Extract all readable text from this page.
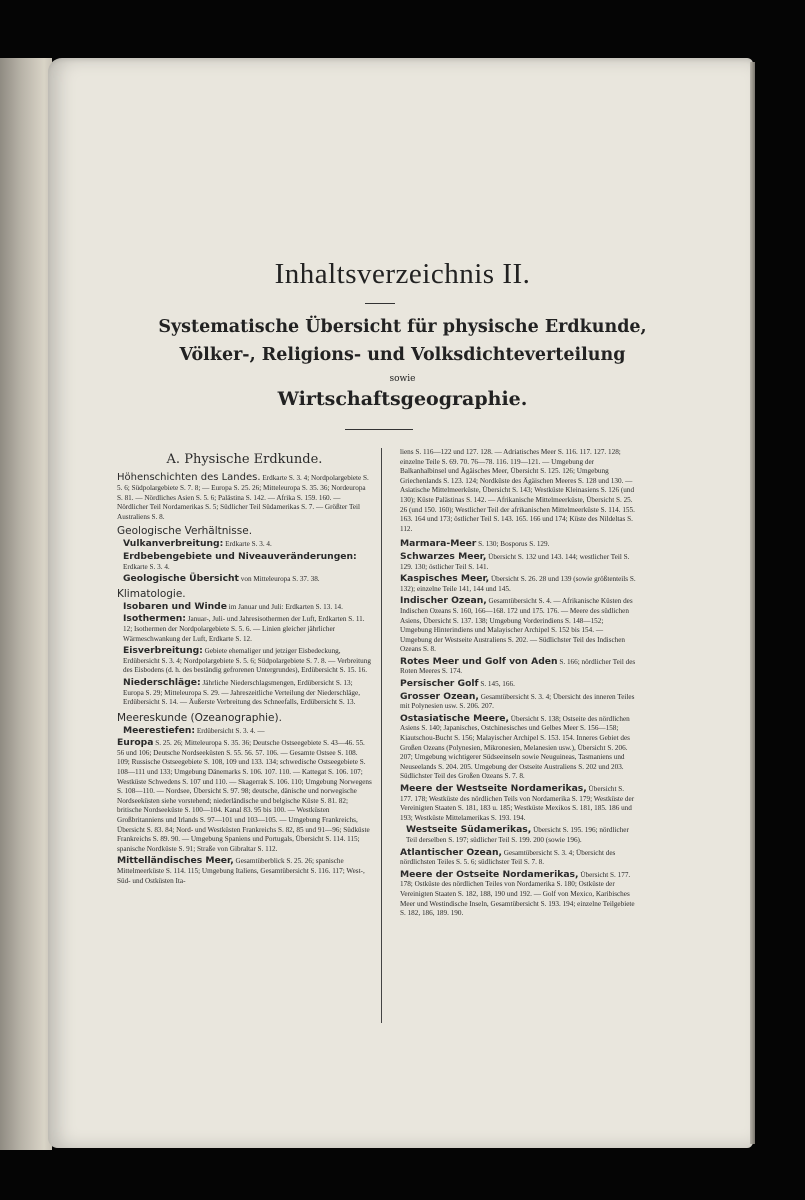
Inhaltsverzeichnis II.
Systematische Übersicht für physische Erdkunde,
Völker-, Religions- und Volksdichteverteilung
sowie
Wirtschaftsgeographie.
A. Physische Erdkunde.
Höhenschichten des Landes. Erdkarte S. 3. 4; Nordpolargebiete S. 5. 6; Südpolargebiete S. 7. 8; — Europa S. 25. 26; Mitteleuropa S. 35. 36; Nordeuropa S. 81. — Nördliches Asien S. 5. 6; Palästina S. 142. — Afrika S. 159. 160. — Nördlicher Teil Nordamerikas S. 5; Südlicher Teil Südamerikas S. 7. — Größter Teil Australiens S. 8.
Geologische Verhältnisse.
Vulkanverbreitung: Erdkarte S. 3. 4.
Erdbebengebiete und Niveauveränderungen: Erdkarte S. 3. 4.
Geologische Übersicht von Mitteleuropa S. 37. 38.
Klimatologie.
Isobaren und Winde im Januar und Juli: Erdkarten S. 13. 14.
Isothermen: Januar-, Juli- und Jahresisothermen der Luft, Erdkarten S. 11. 12; Isothermen der Nordpolargebiete S. 5. 6. — Linien gleicher jährlicher Wärmeschwankung der Luft, Erdkarte S. 12.
Eisverbreitung: Gebiete ehemaliger und jetziger Eisbedeckung, Erdübersicht S. 3. 4; Nordpolargebiete S. 5. 6; Südpolargebiete S. 7. 8. — Verbreitung des Eisbodens (d. h. des beständig gefrorenen Untergrundes), Erdübersicht S. 15. 16.
Niederschläge: Jährliche Niederschlagsmengen, Erdübersicht S. 13; Europa S. 29; Mitteleuropa S. 29. — Jahreszeitliche Verteilung der Niederschläge, Erdübersicht S. 14. — Äußerste Verbreitung des Schneefalls, Erdübersicht S. 13.
Meereskunde (Ozeanographie).
Meerestiefen: Erdübersicht S. 3. 4. —
Europa S. 25. 26; Mitteleuropa S. 35. 36; Deutsche Ostseegebiete S. 43—46. 55. 56 und 106; Deutsche Nordseeküsten S. 55. 56. 57. 106. — Gesamte Ostsee S. 108. 109; Russische Ostseegebiete S. 108, 109 und 133. 134; schwedische Ostseegebiete S. 108—111 und 133; Umgebung Dänemarks S. 106. 107. 110. — Kattegat S. 106. 107; Westküste Schwedens S. 107 und 110. — Skagerrak S. 106. 110; Umgebung Norwegens S. 108—110. — Nordsee, Übersicht S. 97. 98; deutsche, dänische und norwegische Nordseeküsten siehe vorstehend; niederländische und belgische Küste S. 81. 82; britische Nordseeküste S. 100—104. Kanal 83. 95 bis 100. — Westküsten Großbritanniens und Irlands S. 97—101 und 103—105. — Umgebung Frankreichs, Übersicht S. 83. 84; Nord- und Westküsten Frankreichs S. 82, 85 und 91—96; Südküste Frankreichs S. 89. 90. — Umgebung Spaniens und Portugals, Übersicht S. 114. 115; spanische Nordküste S. 91; Straße von Gibraltar S. 112.
Mittelländisches Meer, Gesamtüberblick S. 25. 26; spanische Mittelmeerküste S. 114. 115; Umgebung Italiens, Gesamtübersicht S. 116. 117; West-, Süd- und Ostküsten Ita-
liens S. 116—122 und 127. 128. — Adriatisches Meer S. 116. 117. 127. 128; einzelne Teile S. 69. 70. 76—78. 116. 119—121. — Umgebung der Balkanhalbinsel und Ägäisches Meer, Übersicht S. 125. 126; Umgebung Griechenlands S. 123. 124; Nordküste des Ägäischen Meeres S. 128 und 130. — Asiatische Mittelmeerküste, Übersicht S. 143; Westküste Kleinasiens S. 126 (und 130); Küste Palästinas S. 142. — Afrikanische Mittelmeerküste, Übersicht S. 25. 26 (und 150. 160); Westlicher Teil der afrikanischen Mittelmeerküste S. 114. 155. 163. 164 und 173; östlicher Teil S. 143. 165. 166 und 174; Küste des Nildeltas S. 112.
Marmara-Meer S. 130; Bosporus S. 129.
Schwarzes Meer, Übersicht S. 132 und 143. 144; westlicher Teil S. 129. 130; östlicher Teil S. 141.
Kaspisches Meer, Übersicht S. 26. 28 und 139 (sowie größtenteils S. 132); einzelne Teile 141, 144 und 145.
Indischer Ozean, Gesamtübersicht S. 4. — Afrikanische Küsten des Indischen Ozeans S. 160, 166—168. 172 und 175. 176. — Meere des südlichen Asiens, Übersicht S. 137. 138; Umgebung Vorderindiens S. 148—152; Umgebung Hinterindiens und Malayischer Archipel S. 152 bis 154. — Umgebung der Westseite Australiens S. 202. — Südlichster Teil des Indischen Ozeans S. 8.
Rotes Meer und Golf von Aden S. 166; nördlicher Teil des Roten Meeres S. 174.
Persischer Golf S. 145, 166.
Grosser Ozean, Gesamtübersicht S. 3. 4; Übersicht des inneren Teiles mit Polynesien usw. S. 206. 207.
Ostasiatische Meere, Übersicht S. 138; Ostseite des nördlichen Asiens S. 140; Japanisches, Ostchinesisches und Gelbes Meer S. 156—158; Kiautschou-Bucht S. 156; Malayischer Archipel S. 153. 154. Inneres Gebiet des Großen Ozeans (Polynesien, Mikronesien, Melanesien usw.), Übersicht S. 206. 207; Umgebung wichtigerer Südseeinseln sowie Neuguineas, Tasmaniens und Neuseelands S. 204. 205. Umgebung der Ostseite Australiens S. 202 und 203. Südlichster Teil des Großen Ozeans S. 7. 8.
Meere der Westseite Nordamerikas, Übersicht S. 177. 178; Westküste des nördlichen Teils von Nordamerika S. 179; Westküste der Vereinigten Staaten S. 181, 183 u. 185; Westküste Mexikos S. 181, 185. 186 und 193; Westküste Mittelamerikas S. 193. 194.
Westseite Südamerikas, Übersicht S. 195. 196; nördlicher Teil derselben S. 197; südlicher Teil S. 199. 200 (sowie 196).
Atlantischer Ozean, Gesamtübersicht S. 3. 4; Übersicht des nördlichsten Teiles S. 5. 6; südlichster Teil S. 7. 8.
Meere der Ostseite Nordamerikas, Übersicht S. 177. 178; Ostküste des nördlichen Teiles von Nordamerika S. 180; Ostküste der Vereinigten Staaten S. 182, 188, 190 und 192. — Golf von Mexico, Karibisches Meer und Westindische Inseln, Gesamtübersicht S. 193. 194; einzelne Teilgebiete S. 182, 186, 189. 190.
